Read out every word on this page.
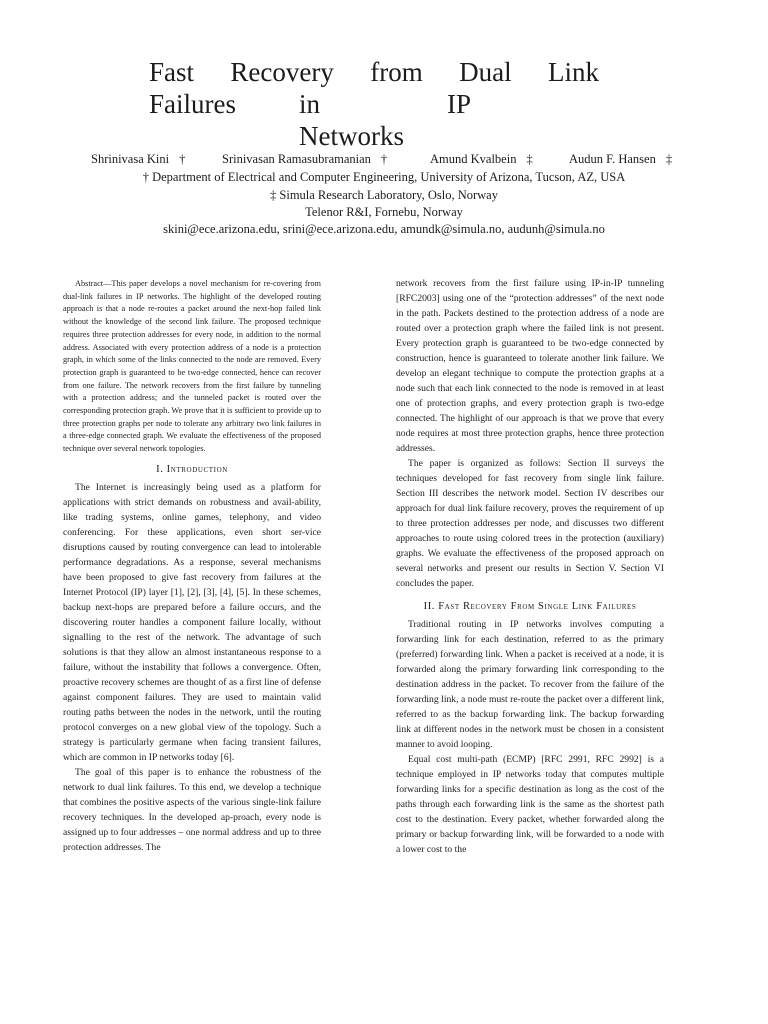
Fast Recovery from Dual Link
Failures	in	IP
Networks
Shrinivasa Kini †	Srinivasan Ramasubramanian †	Amund Kvalbein ‡	Audun F. Hansen ‡
† Department of Electrical and Computer Engineering, University of Arizona, Tucson, AZ, USA
‡ Simula Research Laboratory, Oslo, Norway
Telenor R&I, Fornebu, Norway
skini@ece.arizona.edu, srini@ece.arizona.edu, amundk@simula.no, audunh@simula.no

Abstract—This paper develops a novel mechanism for re-covering from dual-link failures in IP networks. The highlight of the developed routing approach is that a node re-routes a packet around the next-hop failed link without the knowledge of the second link failure. The proposed technique requires three protection addresses for every node, in addition to the normal address. Associated with every protection address of a node is a protection graph, in which some of the links connected to the node are removed. Every protection graph is guaranteed to be two-edge connected, hence can recover from one failure. The network recovers from the first failure by tunneling with a protection address; and the tunneled packet is routed over the corresponding protection graph. We prove that it is sufficient to provide up to three protection graphs per node to tolerate any arbitrary two link failures in a three-edge connected graph. We evaluate the effectiveness of the proposed technique over several network topologies.

I. Introduction

The Internet is increasingly being used as a platform for applications with strict demands on robustness and avail-ability, like trading systems, online games, telephony, and video conferencing. For these applications, even short ser-vice disruptions caused by routing convergence can lead to intolerable performance degradations. As a response, several mechanisms have been proposed to give fast recovery from failures at the Internet Protocol (IP) layer [1], [2], [3], [4], [5]. In these schemes, backup next-hops are prepared before a failure occurs, and the discovering router handles a component failure locally, without signalling to the rest of the network. The advantage of such solutions is that they allow an almost instantaneous response to a failure, without the instability that follows a convergence. Often, proactive recovery schemes are thought of as a first line of defense against component failures. They are used to maintain valid routing paths between the nodes in the network, until the routing protocol converges on a new global view of the topology. Such a strategy is particularly germane when facing transient failures, which are common in IP networks today [6].

The goal of this paper is to enhance the robustness of the network to dual link failures. To this end, we develop a technique that combines the positive aspects of the various single-link failure recovery techniques. In the developed ap-proach, every node is assigned up to four addresses – one normal address and up to three protection addresses. The

network recovers from the first failure using IP-in-IP tunneling [RFC2003] using one of the “protection addresses” of the next node in the path. Packets destined to the protection address of a node are routed over a protection graph where the failed link is not present. Every protection graph is guaranteed to be two-edge connected by construction, hence is guaranteed to tolerate another link failure. We develop an elegant technique to compute the protection graphs at a node such that each link connected to the node is removed in at least one of protection graphs, and every protection graph is two-edge connected. The highlight of our approach is that we prove that every node requires at most three protection graphs, hence three protection addresses.

The paper is organized as follows: Section II surveys the techniques developed for fast recovery from single link failure. Section III describes the network model. Section IV describes our approach for dual link failure recovery, proves the requirement of up to three protection addresses per node, and discusses two different approaches to route using colored trees in the protection (auxiliary) graphs. We evaluate the effectiveness of the proposed approach on several networks and present our results in Section V. Section VI concludes the paper.

II. Fast Recovery From Single Link Failures

Traditional routing in IP networks involves computing a forwarding link for each destination, referred to as the primary (preferred) forwarding link. When a packet is received at a node, it is forwarded along the primary forwarding link corresponding to the destination address in the packet. To recover from the failure of the forwarding link, a node must re-route the packet over a different link, referred to as the backup forwarding link. The backup forwarding link at different nodes in the network must be chosen in a consistent manner to avoid looping.

Equal cost multi-path (ECMP) [RFC 2991, RFC 2992] is a technique employed in IP networks today that computes multiple forwarding links for a specific destination as long as the cost of the paths through each forwarding link is the same as the shortest path cost to the destination. Every packet, whether forwarded along the primary or backup forwarding link, will be forwarded to a node with a lower cost to the
